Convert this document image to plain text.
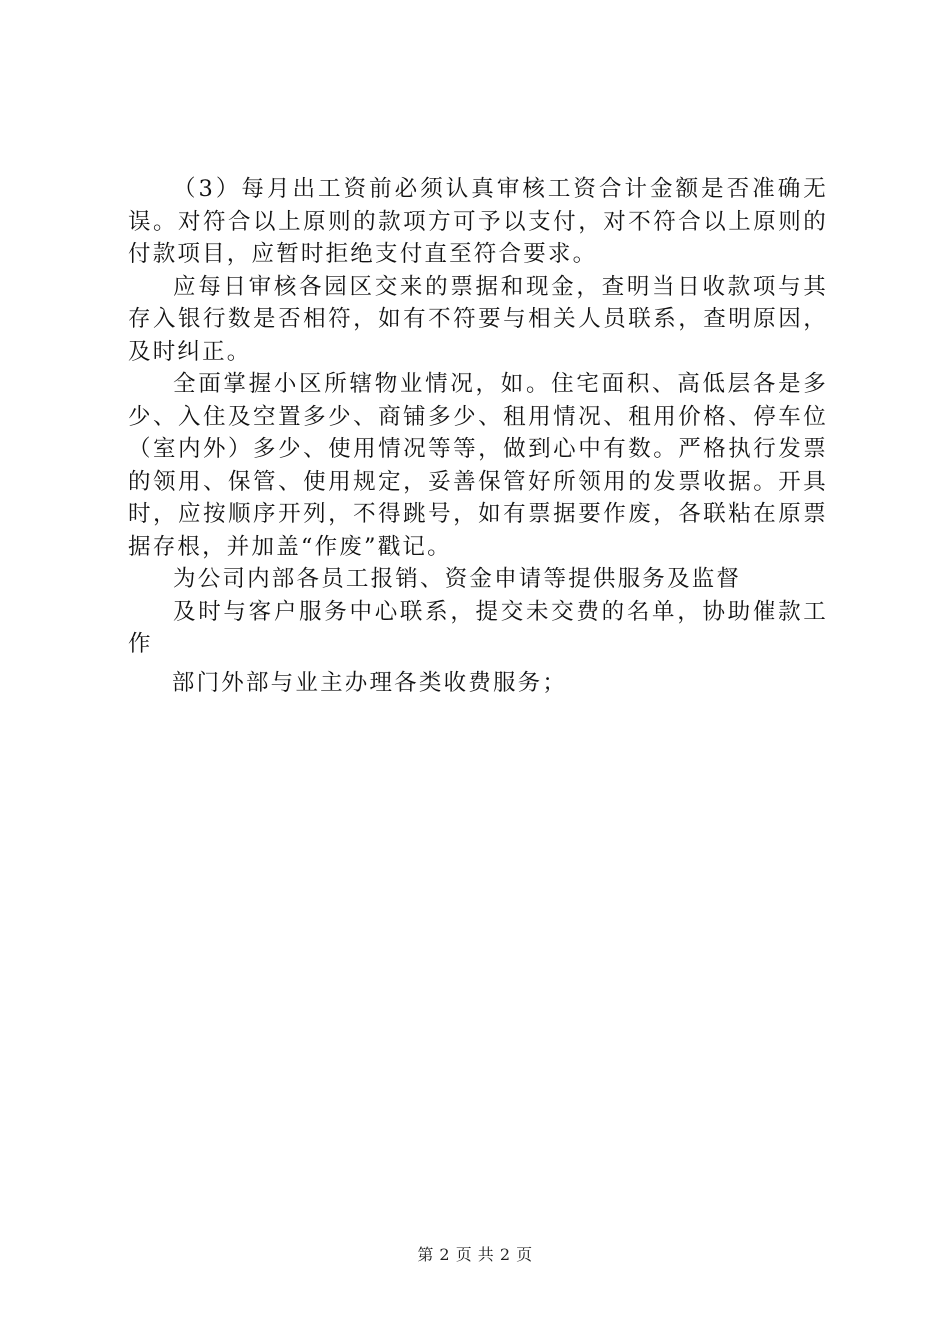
（3）每月出工资前必须认真审核工资合计金额是否准确无误。对符合以上原则的款项方可予以支付，对不符合以上原则的付款项目，应暂时拒绝支付直至符合要求。

应每日审核各园区交来的票据和现金，查明当日收款项与其存入银行数是否相符，如有不符要与相关人员联系，查明原因，及时纠正。

全面掌握小区所辖物业情况，如。住宅面积、高低层各是多少、入住及空置多少、商铺多少、租用情况、租用价格、停车位（室内外）多少、使用情况等等，做到心中有数。严格执行发票的领用、保管、使用规定，妥善保管好所领用的发票收据。开具时，应按顺序开列，不得跳号，如有票据要作废，各联粘在原票据存根，并加盖“作废”戳记。

为公司内部各员工报销、资金申请等提供服务及监督

及时与客户服务中心联系，提交未交费的名单，协助催款工作

部门外部与业主办理各类收费服务；

第 2 页 共 2 页
